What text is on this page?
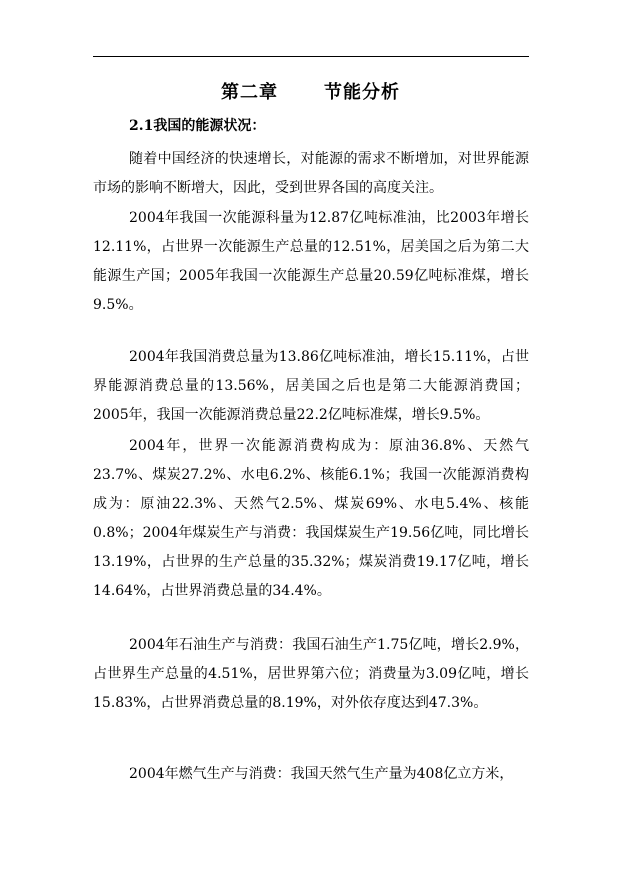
第二章	节能分析
2.1我国的能源状况：

随着中国经济的快速增长，对能源的需求不断增加，对世界能源市场的影响不断增大，因此，受到世界各国的高度关注。

2004年我国一次能源科量为12.87亿吨标准油，比2003年增长12.11%，占世界一次能源生产总量的12.51%，居美国之后为第二大能源生产国；2005年我国一次能源生产总量20.59亿吨标准煤，增长9.5%。

2004年我国消费总量为13.86亿吨标准油，增长15.11%，占世界能源消费总量的13.56%，居美国之后也是第二大能源消费国；2005年，我国一次能源消费总量22.2亿吨标准煤，增长9.5%。

2004年，世界一次能源消费构成为：原油36.8%、天然气23.7%、煤炭27.2%、水电6.2%、核能6.1%；我国一次能源消费构成为：原油22.3%、天然气2.5%、煤炭69%、水电5.4%、核能0.8%；2004年煤炭生产与消费：我国煤炭生产19.56亿吨，同比增长13.19%，占世界的生产总量的35.32%；煤炭消费19.17亿吨，增长14.64%，占世界消费总量的34.4%。

2004年石油生产与消费：我国石油生产1.75亿吨，增长2.9%，占世界生产总量的4.51%，居世界第六位；消费量为3.09亿吨，增长15.83%，占世界消费总量的8.19%，对外依存度达到47.3%。

2004年燃气生产与消费：我国天然气生产量为408亿立方米，
